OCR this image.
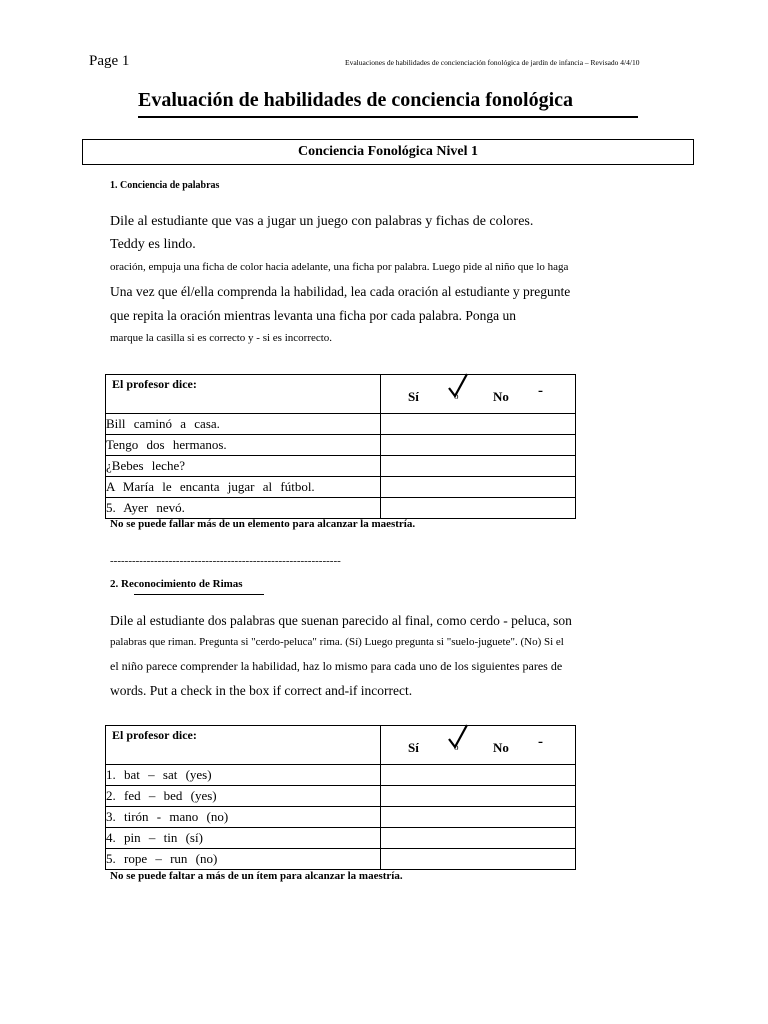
Page 1	Evaluaciones de habilidades de concienciación fonológica de jardín de infancia – Revisado 4/4/10
Evaluación de habilidades de conciencia fonológica
Conciencia Fonológica Nivel 1
1. Conciencia de palabras
Dile al estudiante que vas a jugar un juego con palabras y fichas de colores.
Teddy es lindo.
oración, empuja una ficha de color hacia adelante, una ficha por palabra. Luego pide al niño que lo haga
Una vez que él/ella comprenda la habilidad, lea cada oración al estudiante y pregunte
que repita la oración mientras levanta una ficha por cada palabra. Ponga un
marque la casilla si es correcto y - si es incorrecto.
El profesor dice:	Sí o No -

Bill caminó a casa.	
Tengo dos hermanos.	
¿Bebes leche?	
A María le encanta jugar al fútbol.	
5. Ayer nevó.	
No se puede fallar más de un elemento para alcanzar la maestría.
---------------------------------------------------------------
2. Reconocimiento de Rimas
Dile al estudiante dos palabras que suenan parecido al final, como cerdo - peluca, son
palabras que riman. Pregunta si "cerdo-peluca" rima. (Sí) Luego pregunta si "suelo-juguete". (No) Si el
el niño parece comprender la habilidad, haz lo mismo para cada uno de los siguientes pares de
words. Put a check in the box if correct and-if incorrect.
El profesor dice:	Sí o No -

1. bat – sat (yes)	
2. fed – bed (yes)	
3. tirón - mano (no)	
4. pin – tin (sí)	
5. rope – run (no)	
No se puede faltar a más de un ítem para alcanzar la maestría.
